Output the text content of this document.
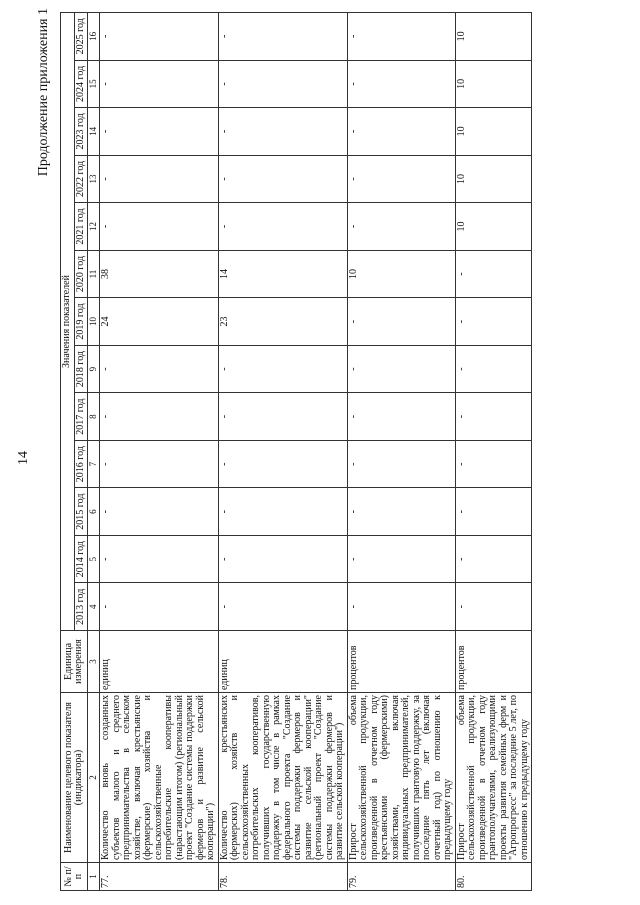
14
Продолжение приложения 1
№ п/п	Наименование целевого показателя (индикатора)	Единица измерения	Значения показателей												
			2013 год	2014 год	2015 год	2016 год	2017 год	2018 год	2019 год	2020 год	2021 год	2022 год	2023 год	2024 год	2025 год
1	2	3	4	5	6	7	8	9	10	11	12	13	14	15	16
77.	Количество вновь созданных субъектов малого и среднего предпринимательства в сельском хозяйстве, включая крестьянские (фермерские) хозяйства и сельскохозяйственные потребительские кооперативы (нарастающим итогом) (региональный проект "Создание системы поддержки фермеров и развитие сельской кооперации")	единиц	-	-	-	-	-	-	24	38	-	-	-	-	-
78.	Количество крестьянских (фермерских) хозяйств и сельскохозяйственных потребительских кооперативов, получивших государственную поддержку в том числе в рамках федерального проекта "Создание системы поддержки фермеров и развитие сельской кооперации" (региональный проект "Создание системы поддержки фермеров и развитие сельской кооперации")	единиц	-	-	-	-	-	-	23	14	-	-	-	-	-
79.	Прирост объема сельскохозяйственной продукции, произведенной в отчетном году крестьянскими (фермерскими) хозяйствами, включая индивидуальных предпринимателей, получивших грантовую поддержку, за последние пять лет (включая отчетный год) по отношению к предыдущему году	процентов	-	-	-	-	-	-	-	10	-	-	-	-	-
80.	Прирост объема сельскохозяйственной продукции, произведенной в отчетном году грантополучателями, реализующими проекты развития семейных ферм и "Агропрогресс" за последние 5 лет, по отношению к предыдущему году	процентов	-	-	-	-	-	-	-	-	10	10	10	10	10
